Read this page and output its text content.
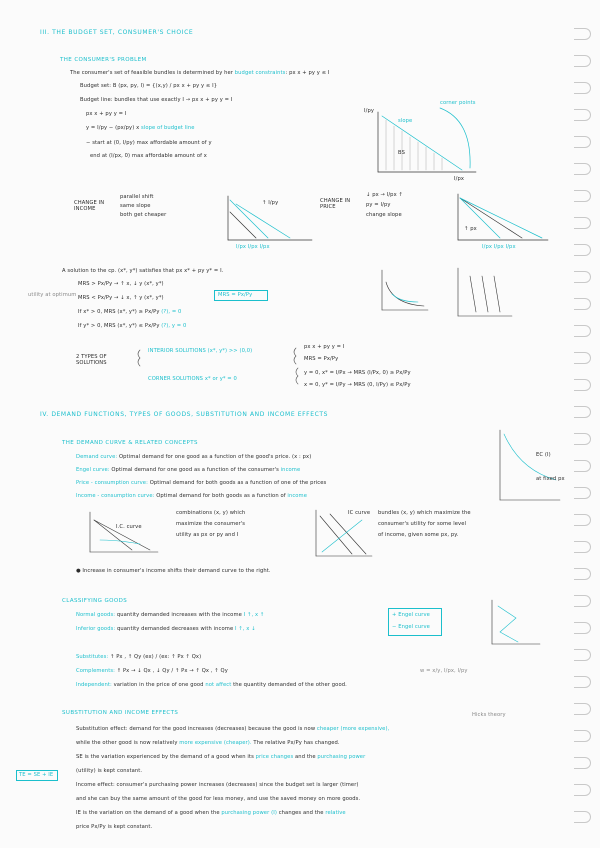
III. THE BUDGET SET, CONSUMER'S CHOICE
THE CONSUMER'S PROBLEM
The consumer's set of feasible bundles is determined by her budget constraints: px x + py y ≤ I
Budget set: B (px, py, I) = {(x,y) / px x + py y ≤ I}
Budget line: bundles that use exactly I → px x + py y = I
px x + py y = I
y = I/py − (px/py) x slope of budget line
− start at (0, I/py) max affordable amount of y
end at (I/px, 0) max affordable amount of x
corner points
slope
I/py
I/px
BS
CHANGE IN INCOME
parallel shift
same slope
both get cheaper
I/px I/px I/px
↑ I/py	CHANGE IN PRICE
↓ px → I/px ↑
py = I/py
change slope
I/px I/px I/px
↑ px
A solution to the cp. (x*, y*) satisfies that px x* + py y* = I.
utility at optimum
MRS > Px/Py → ↑ x, ↓ y (x*, y*)
MRS < Px/Py → ↓ x, ↑ y (x*, y*)	MRS = Px/Py
If x* > 0, MRS (x*, y*) ≥ Px/Py (?), = 0
If y* > 0, MRS (x*, y*) ≤ Px/Py (?), y = 0
2 TYPES OF SOLUTIONS
INTERIOR SOLUTIONS (x*, y*) >> (0,0)
px x + py y = I
MRS = Px/Py
CORNER SOLUTIONS x* or y* = 0
y = 0, x* = I/Px → MRS (I/Px, 0) ≥ Px/Py
x = 0, y* = I/Py → MRS (0, I/Py) ≤ Px/Py
IV. DEMAND FUNCTIONS, TYPES OF GOODS, SUBSTITUTION AND INCOME EFFECTS
THE DEMAND CURVE & RELATED CONCEPTS
Demand curve: Optimal demand for one good as a function of the good's price. (x : px)
Engel curve: Optimal demand for one good as a function of the consumer's income
Price - consumption curve: Optimal demand for both goods as a function of one of the prices
Income - consumption curve: Optimal demand for both goods as a function of income
EC (I)
at fixed px
I.C. curve
IC curve
combinations (x, y) which
maximize the consumer's
utility as px or py and I
bundles (x, y) which maximize the
consumer's utility for some level
of income, given some px, py.
● Increase in consumer's income shifts their demand curve to the right.
CLASSIFYING GOODS
Normal goods: quantity demanded increases with the income I ↑, x ↑
Inferior goods: quantity demanded decreases with income I ↑, x ↓
+ Engel curve
− Engel curve
Substitutes: ↑ Px , ↑ Qy (ex) / (ex: ↑ Px ↑ Qx)
Complements: ↑ Px → ↓ Qx , ↓ Qy / ↑ Px → ↑ Qx , ↑ Qy
Independent: variation in the price of one good not affect the quantity demanded of the other good.
w = x/y, I/px, I/py
SUBSTITUTION AND INCOME EFFECTS	Hicks theory
TE = SE + IE
Substitution effect: demand for the good increases (decreases) because the good is now cheaper (more expensive),
while the other good is now relatively more expensive (cheaper). The relative Px/Py has changed.
SE is the variation experienced by the demand of a good when its price changes and the purchasing power
(utility) is kept constant.
Income effect: consumer's purchasing power increases (decreases) since the budget set is larger (timer)
and she can buy the same amount of the good for less money, and use the saved money on more goods.
IE is the variation on the demand of a good when the purchasing power (I) changes and the relative
price Px/Py is kept constant.
